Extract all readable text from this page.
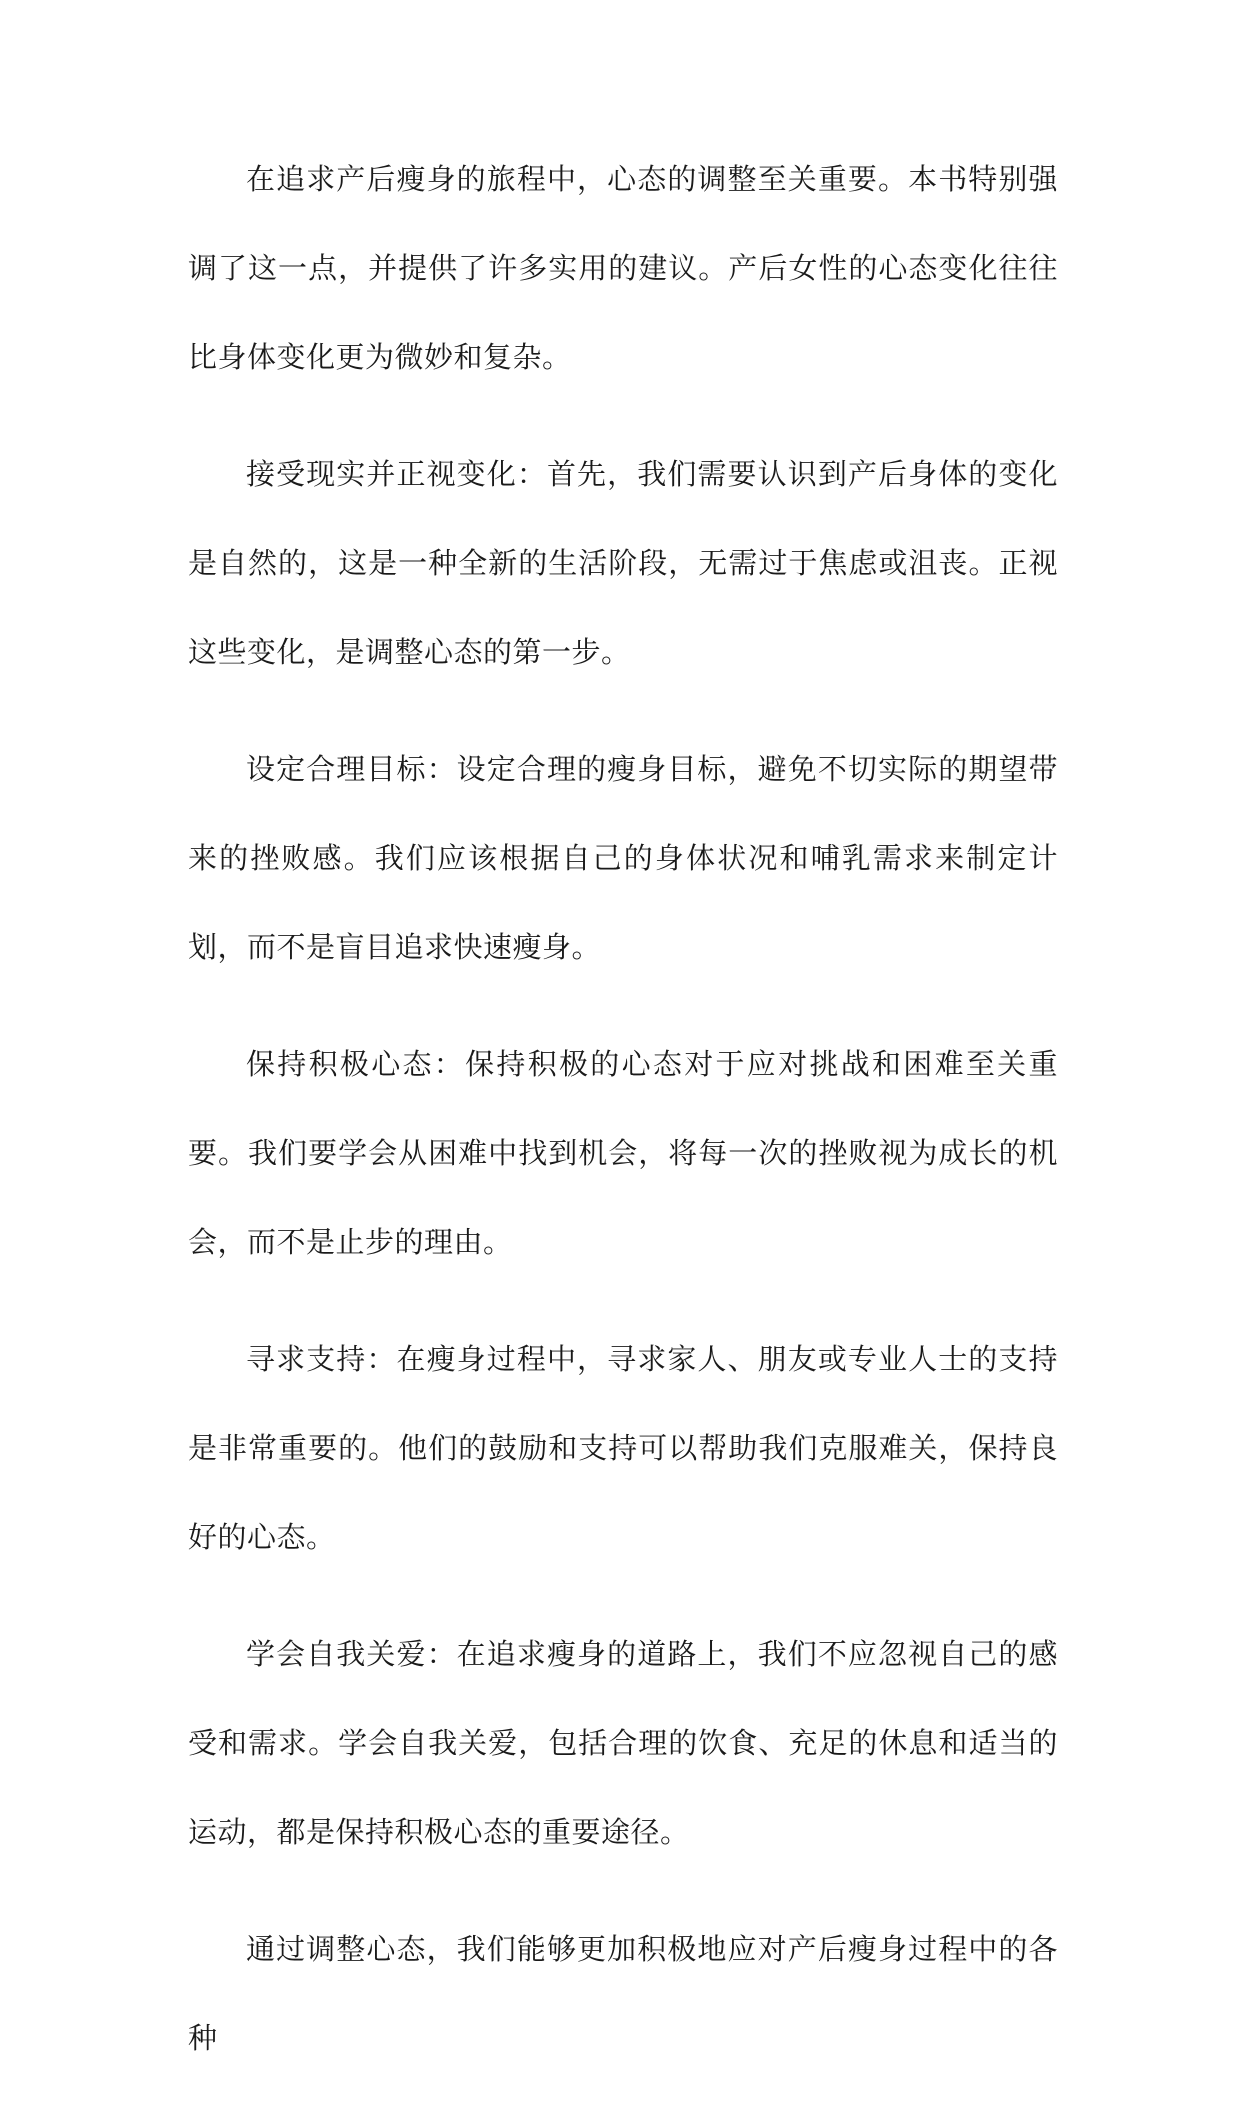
在追求产后瘦身的旅程中，心态的调整至关重要。本书特别强调了这一点，并提供了许多实用的建议。产后女性的心态变化往往比身体变化更为微妙和复杂。

接受现实并正视变化：首先，我们需要认识到产后身体的变化是自然的，这是一种全新的生活阶段，无需过于焦虑或沮丧。正视这些变化，是调整心态的第一步。

设定合理目标：设定合理的瘦身目标，避免不切实际的期望带来的挫败感。我们应该根据自己的身体状况和哺乳需求来制定计划，而不是盲目追求快速瘦身。

保持积极心态：保持积极的心态对于应对挑战和困难至关重要。我们要学会从困难中找到机会，将每一次的挫败视为成长的机会，而不是止步的理由。

寻求支持：在瘦身过程中，寻求家人、朋友或专业人士的支持是非常重要的。他们的鼓励和支持可以帮助我们克服难关，保持良好的心态。

学会自我关爱：在追求瘦身的道路上，我们不应忽视自己的感受和需求。学会自我关爱，包括合理的饮食、充足的休息和适当的运动，都是保持积极心态的重要途径。

通过调整心态，我们能够更加积极地应对产后瘦身过程中的各种
